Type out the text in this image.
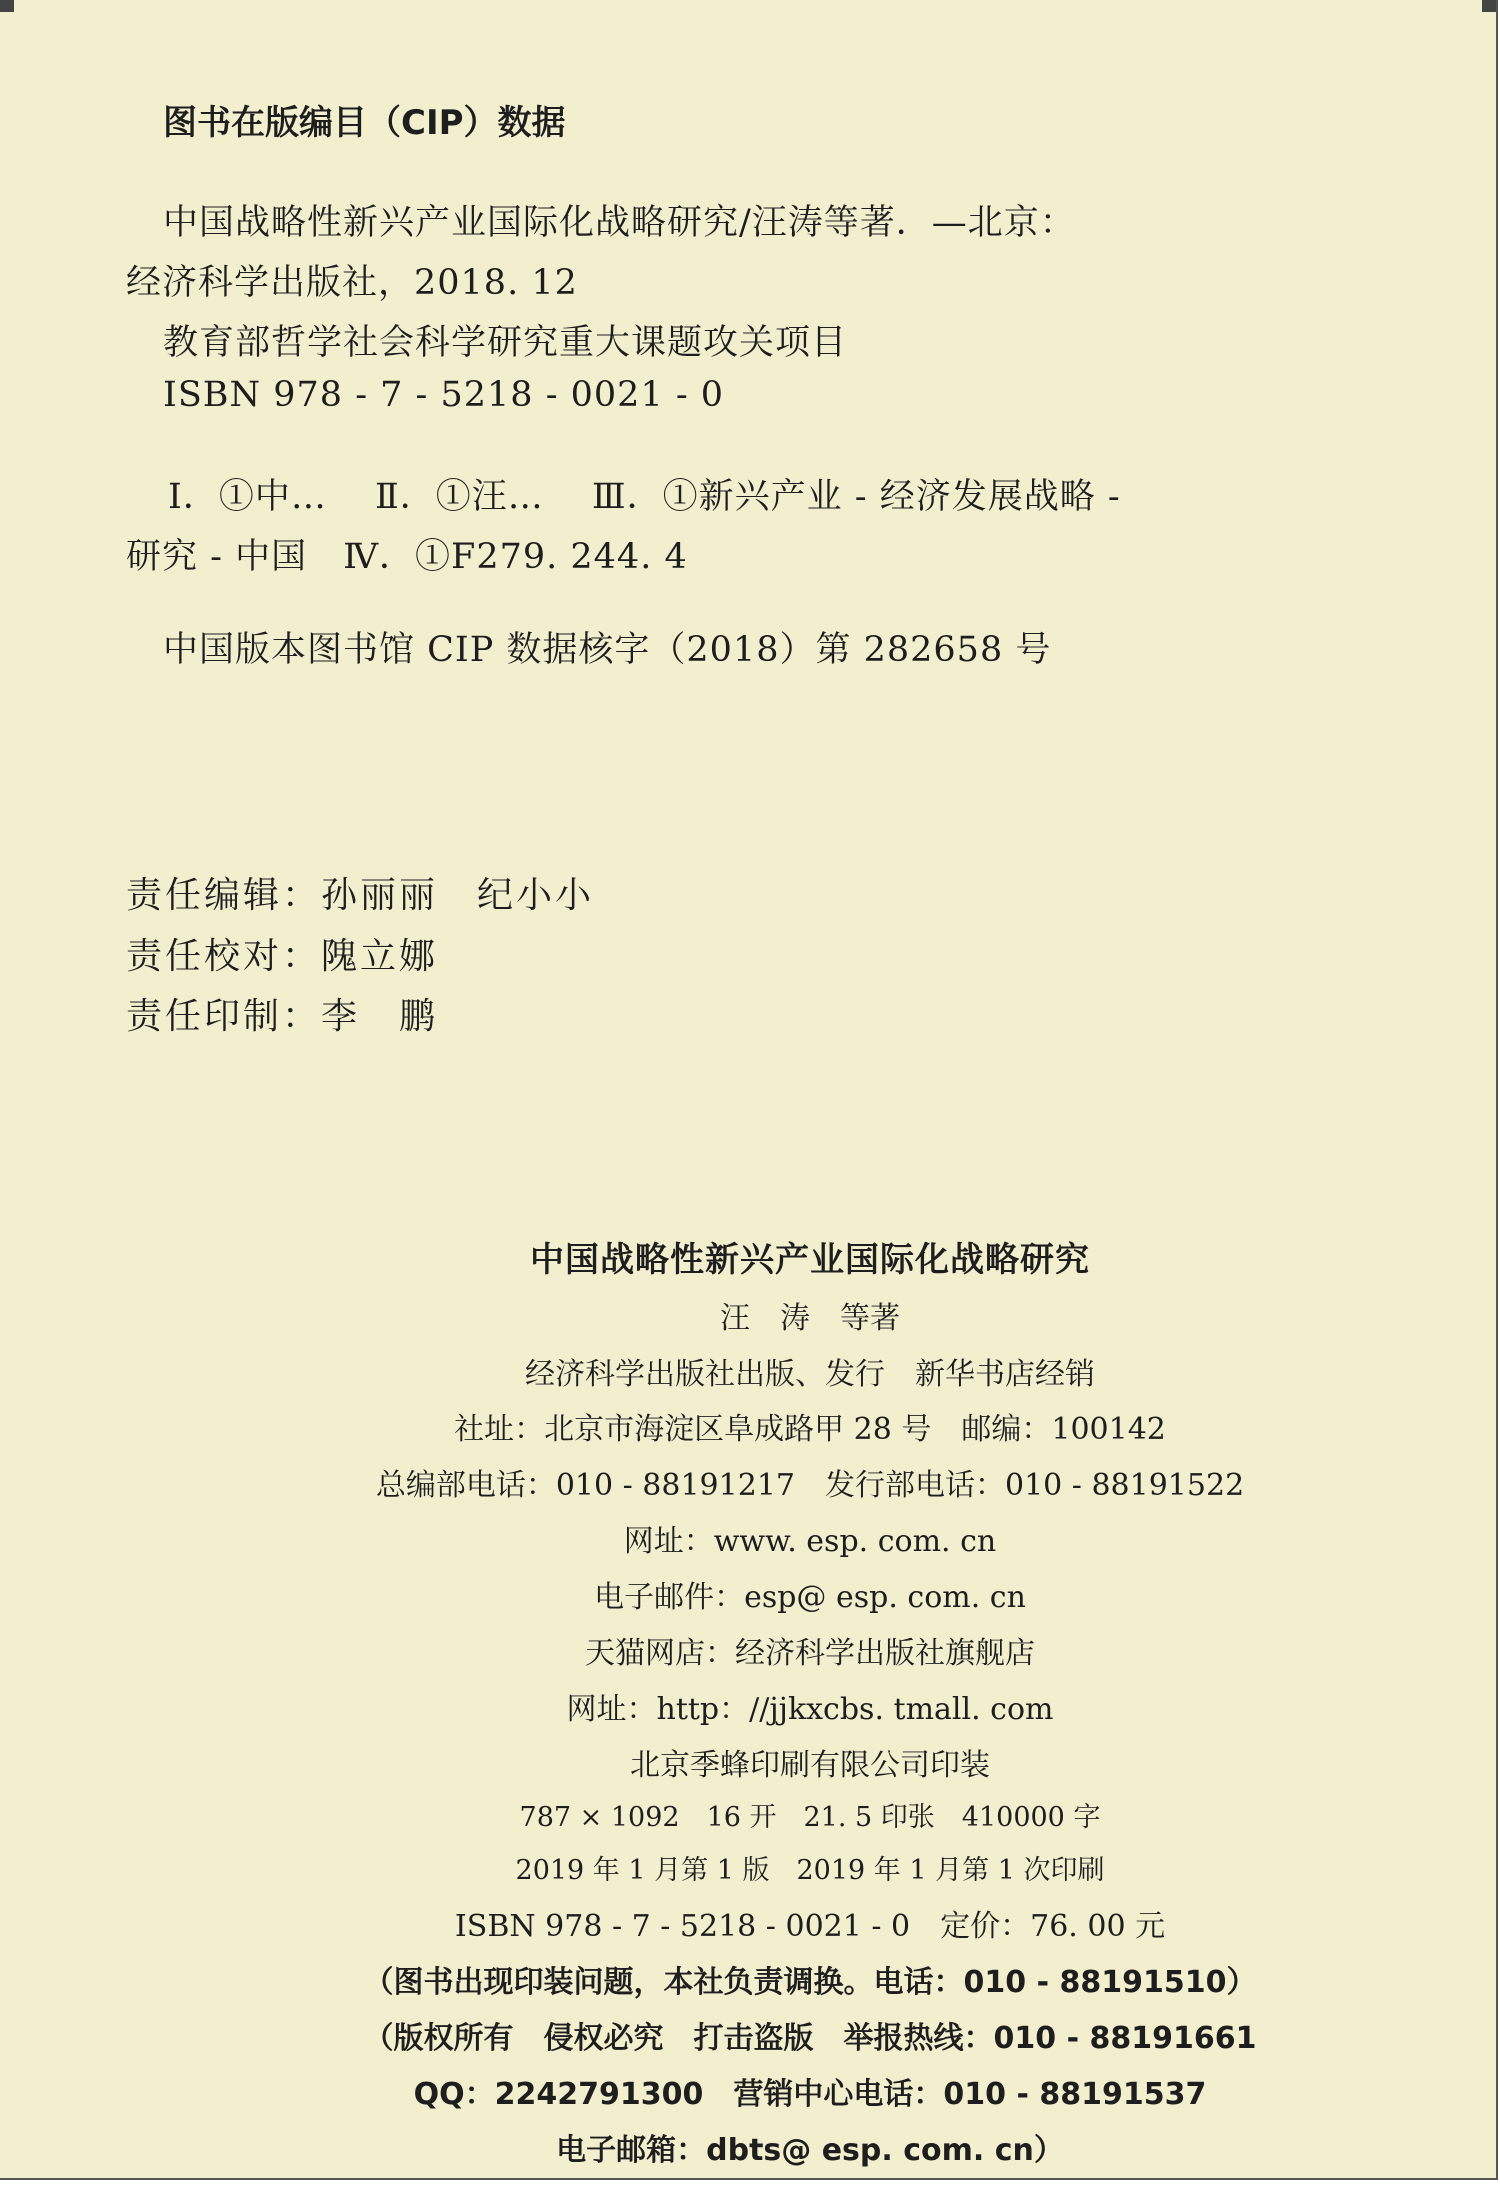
图书在版编目（CIP）数据
中国战略性新兴产业国际化战略研究/汪涛等著．—北京：
经济科学出版社，2018. 12
教育部哲学社会科学研究重大课题攻关项目
ISBN 978 - 7 - 5218 - 0021 - 0
Ⅰ．①中…　 Ⅱ．①汪…　 Ⅲ．①新兴产业 - 经济发展战略 -
研究 - 中国　Ⅳ．①F279. 244. 4
中国版本图书馆 CIP 数据核字（2018）第 282658 号
责任编辑：孙丽丽　纪小小
责任校对：隗立娜
责任印制：李　鹏
中国战略性新兴产业国际化战略研究
汪　涛　等著
经济科学出版社出版、发行　新华书店经销
社址：北京市海淀区阜成路甲 28 号　邮编：100142
总编部电话：010 - 88191217　发行部电话：010 - 88191522
网址：www. esp. com. cn
电子邮件：esp@ esp. com. cn
天猫网店：经济科学出版社旗舰店
网址：http：//jjkxcbs. tmall. com
北京季蜂印刷有限公司印装
787 × 1092　16 开　21. 5 印张　410000 字
2019 年 1 月第 1 版　2019 年 1 月第 1 次印刷
ISBN 978 - 7 - 5218 - 0021 - 0　定价：76. 00 元
（图书出现印装问题，本社负责调换。电话：010 - 88191510）
（版权所有　侵权必究　打击盗版　举报热线：010 - 88191661
QQ：2242791300　营销中心电话：010 - 88191537
电子邮箱：dbts@ esp. com. cn）
